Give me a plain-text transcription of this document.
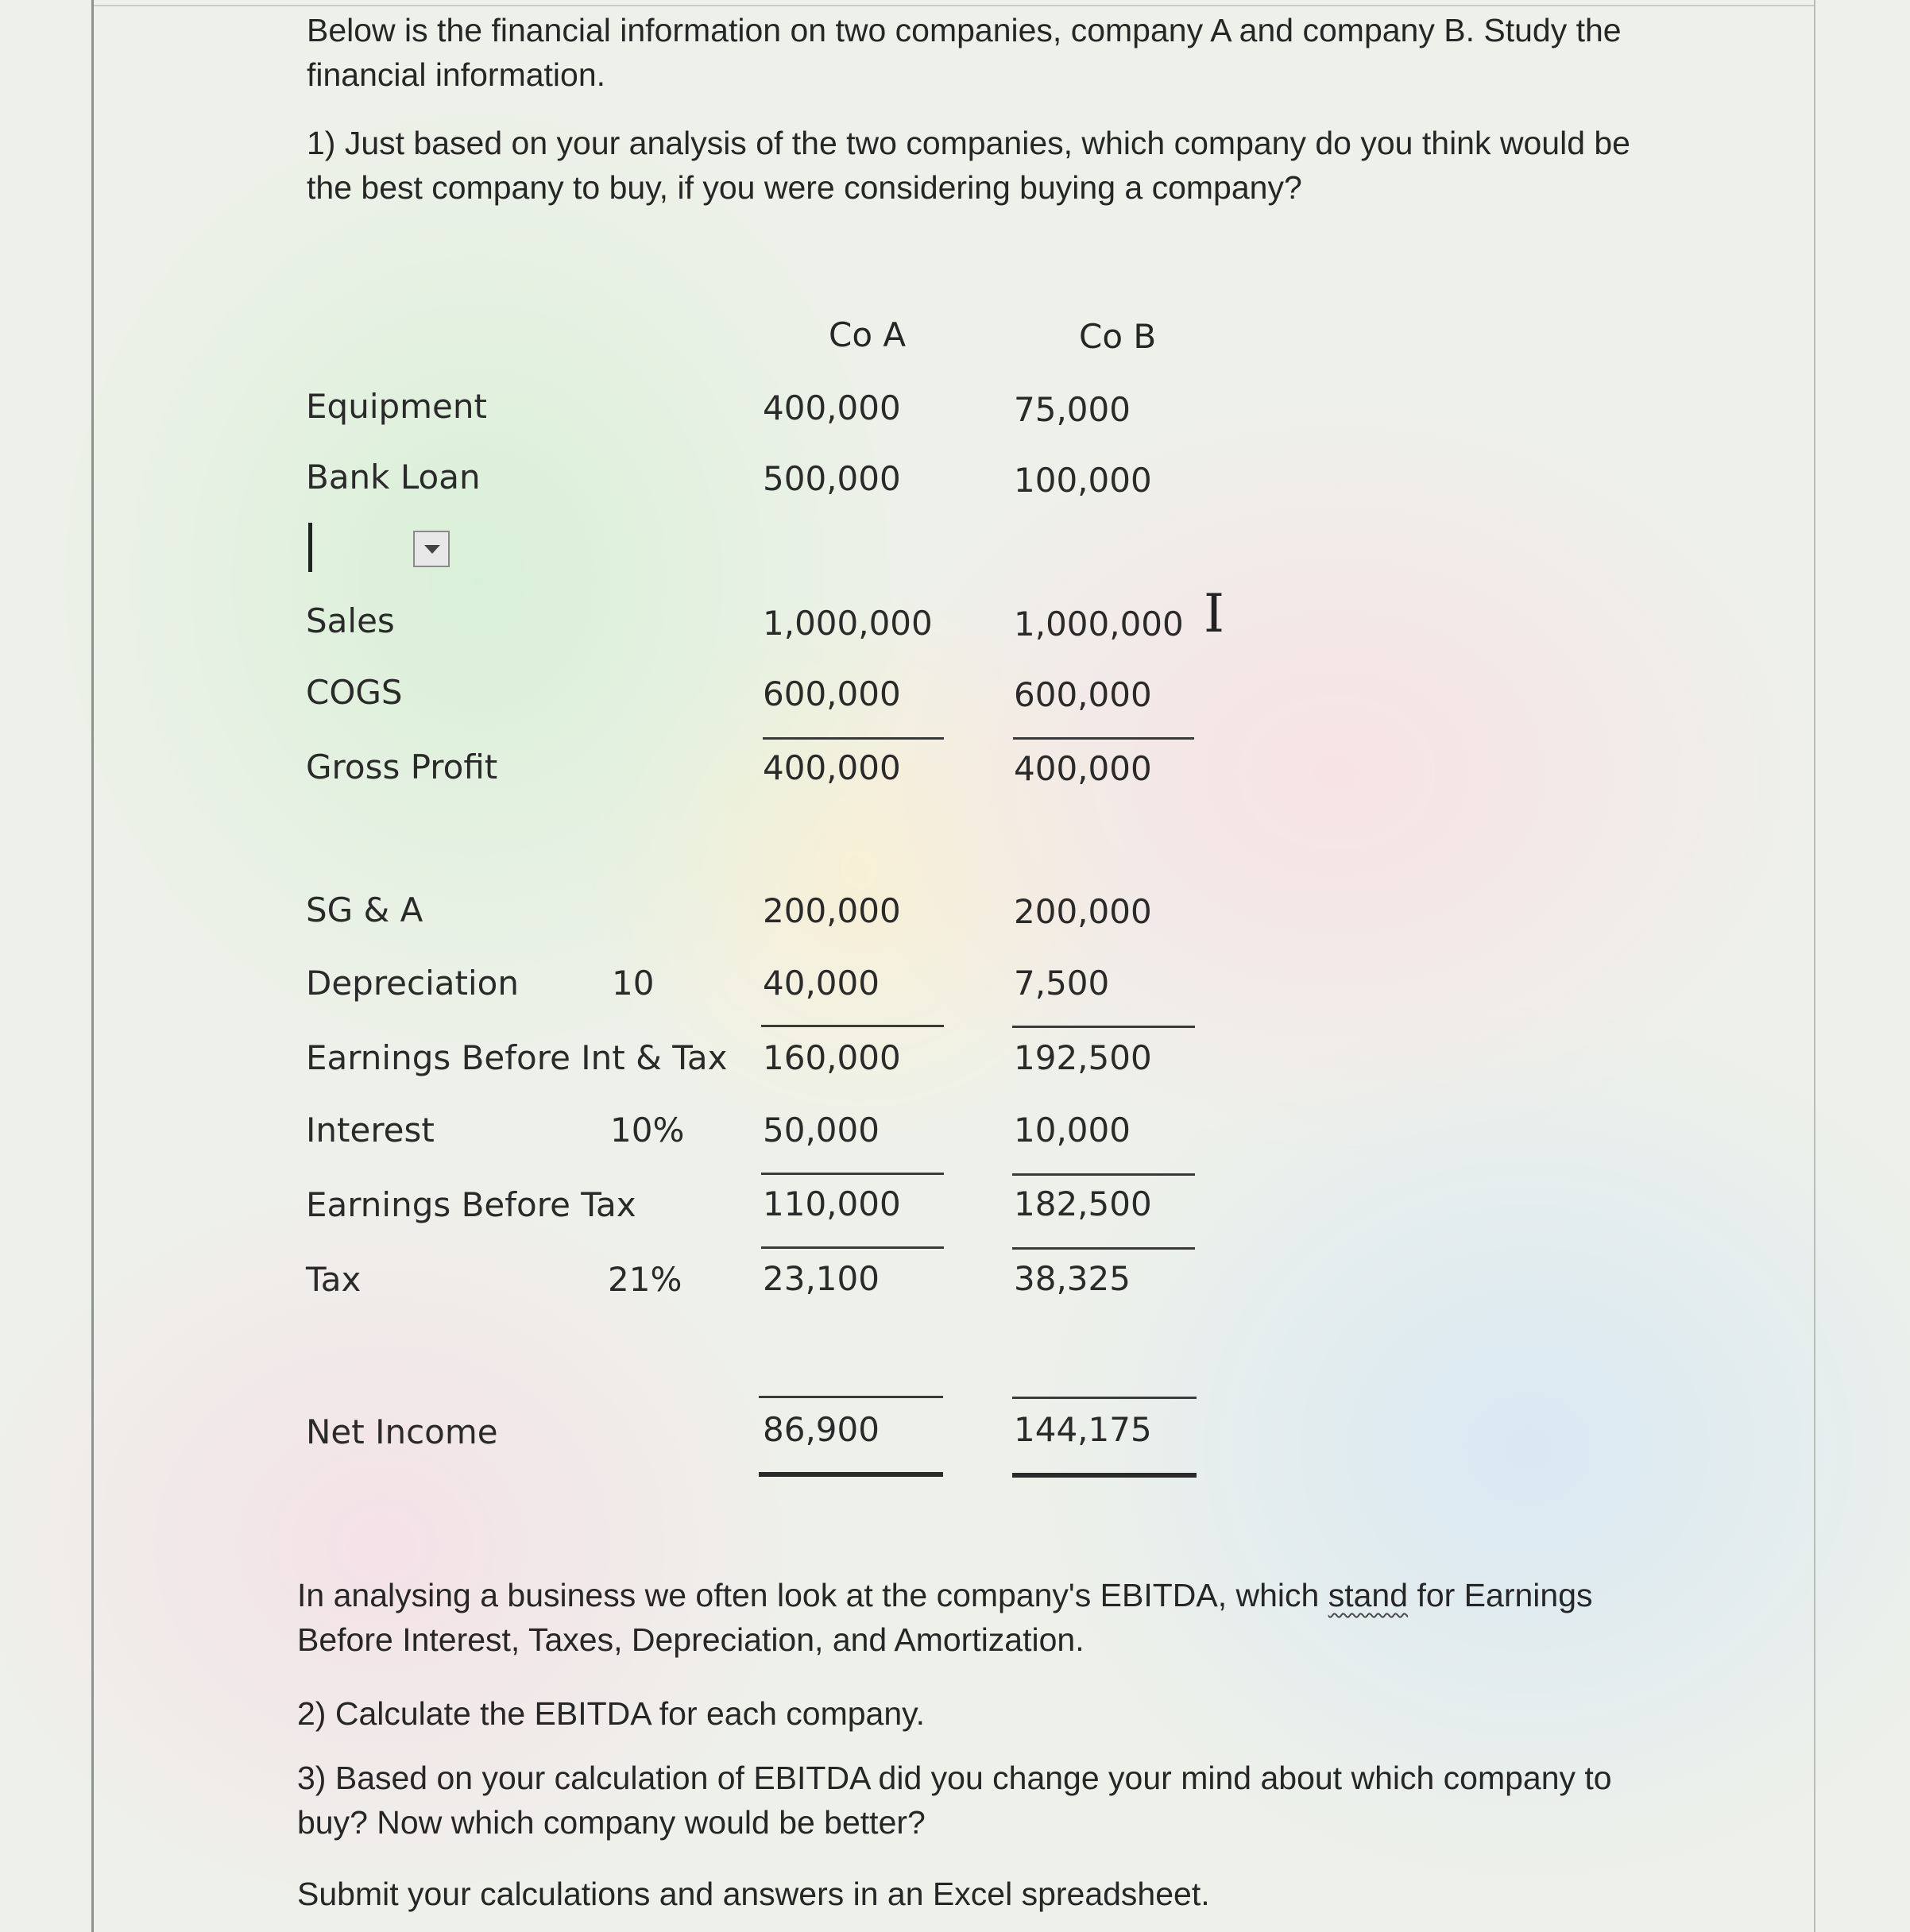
Below is the financial information on two companies, company A and company B. Study the financial information.

1) Just based on your analysis of the two companies, which company do you think would be the best company to buy, if you were considering buying a company?

Co A	Co B
Equipment	400,000	75,000
Bank Loan	500,000	100,000
I
Sales	1,000,000 1,000,000
COGS	600,000	600,000
Gross Profit	400,000	400,000
SG & A	200,000	200,000
Depreciation	10	40,000	7,500
Earnings Before Int & Tax 160,000	192,500
Interest	10% 50,000	10,000
Earnings Before Tax	110,000	182,500
Tax	21% 23,100	38,325
Net Income	86,900	144,175

In analysing a business we often look at the company's EBITDA, which stand for Earnings Before Interest, Taxes, Depreciation, and Amortization.

2) Calculate the EBITDA for each company.

3) Based on your calculation of EBITDA did you change your mind about which company to buy? Now which company would be better?

Submit your calculations and answers in an Excel spreadsheet.
